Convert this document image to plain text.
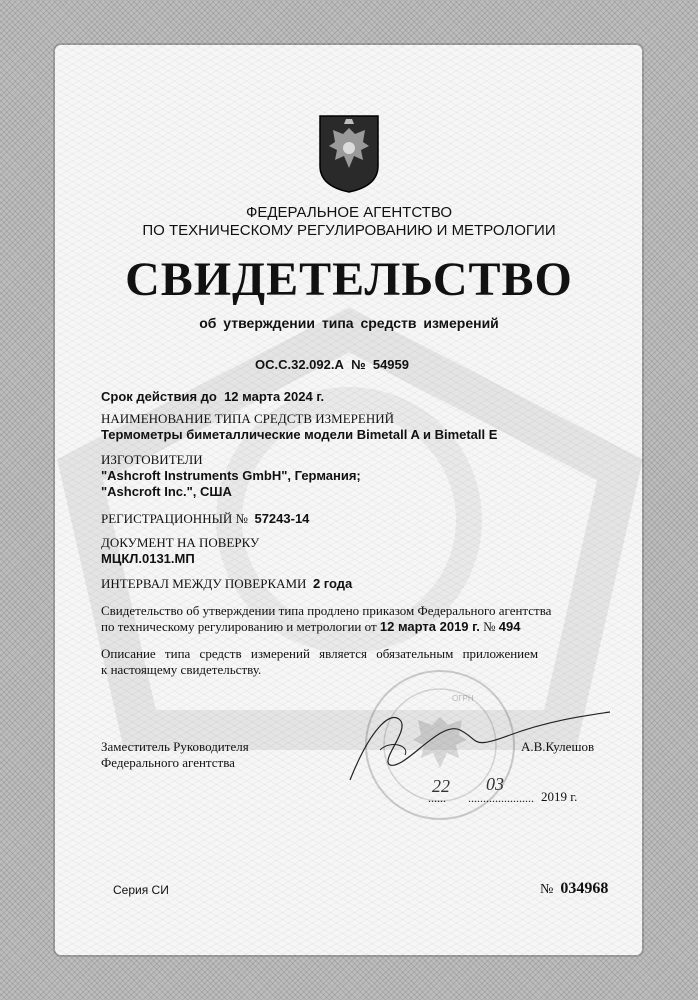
ФЕДЕРАЛЬНОЕ АГЕНТСТВО
ПО ТЕХНИЧЕСКОМУ РЕГУЛИРОВАНИЮ И МЕТРОЛОГИИ
СВИДЕТЕЛЬСТВО
об утверждении типа средств измерений
ОС.С.32.092.А № 54959
Срок действия до 12 марта 2024 г.
НАИМЕНОВАНИЕ ТИПА СРЕДСТВ ИЗМЕРЕНИЙ
Термометры биметаллические модели Bimetall A и Bimetall E
ИЗГОТОВИТЕЛИ
"Ashcroft Instruments GmbH", Германия;
"Ashcroft Inc.", США
РЕГИСТРАЦИОННЫЙ № 57243-14
ДОКУМЕНТ НА ПОВЕРКУ
МЦКЛ.0131.МП
ИНТЕРВАЛ МЕЖДУ ПОВЕРКАМИ 2 года
Свидетельство об утверждении типа продлено приказом Федерального агентства
по техническому регулированию и метрологии от 12 марта 2019 г. № 494
Описание типа средств измерений является обязательным приложением
к настоящему свидетельству.
ОГРН
Заместитель Руководителя
Федерального агентства
А.В.Кулешов
22 03
...... ...................... 2019 г.
Серия СИ	№ 034968
